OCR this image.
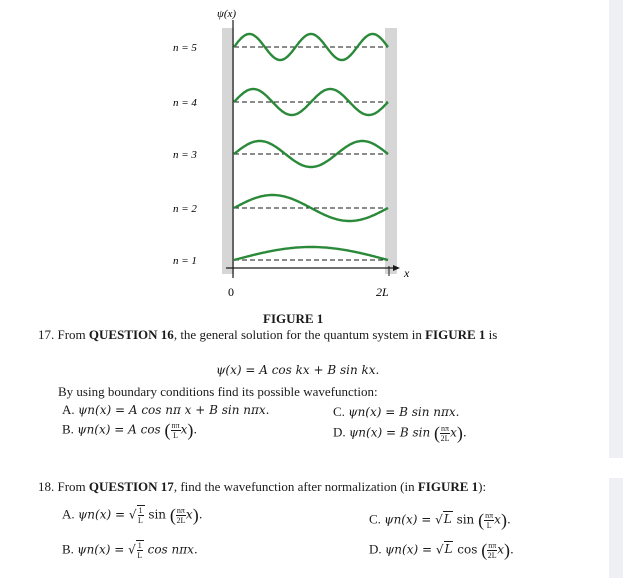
n = 5
n = 4
n = 3
n = 2
n = 1
ψ(x)
x
0	2L
FIGURE 1
17. From QUESTION 16, the general solution for the quantum system in FIGURE 1 is
ψ(x) = A cos kx + B sin kx.
By using boundary conditions find its possible wavefunction:
A. ψn(x) = A cos nπ x + B sin nπx.	C. ψn(x) = B sin nπx.
B. ψn(x) = A cos ( $\frac{n\pi}{L} x$).	D. ψn(x) = B sin ( $\frac{n\pi}{2L} x$).
18. From QUESTION 17, find the wavefunction after normalization (in FIGURE 1):
A. ψn(x) = √ $\frac{1}{L}$ sin ( $\frac{n\pi}{2L} x$).	C. ψn(x) = √L sin ( $\frac{n\pi}{L} x$).
B. ψn(x) = √ $\frac{1}{L}$ cos nπx.	D. ψn(x) = √L cos ( $\frac{n\pi}{2L} x$).
